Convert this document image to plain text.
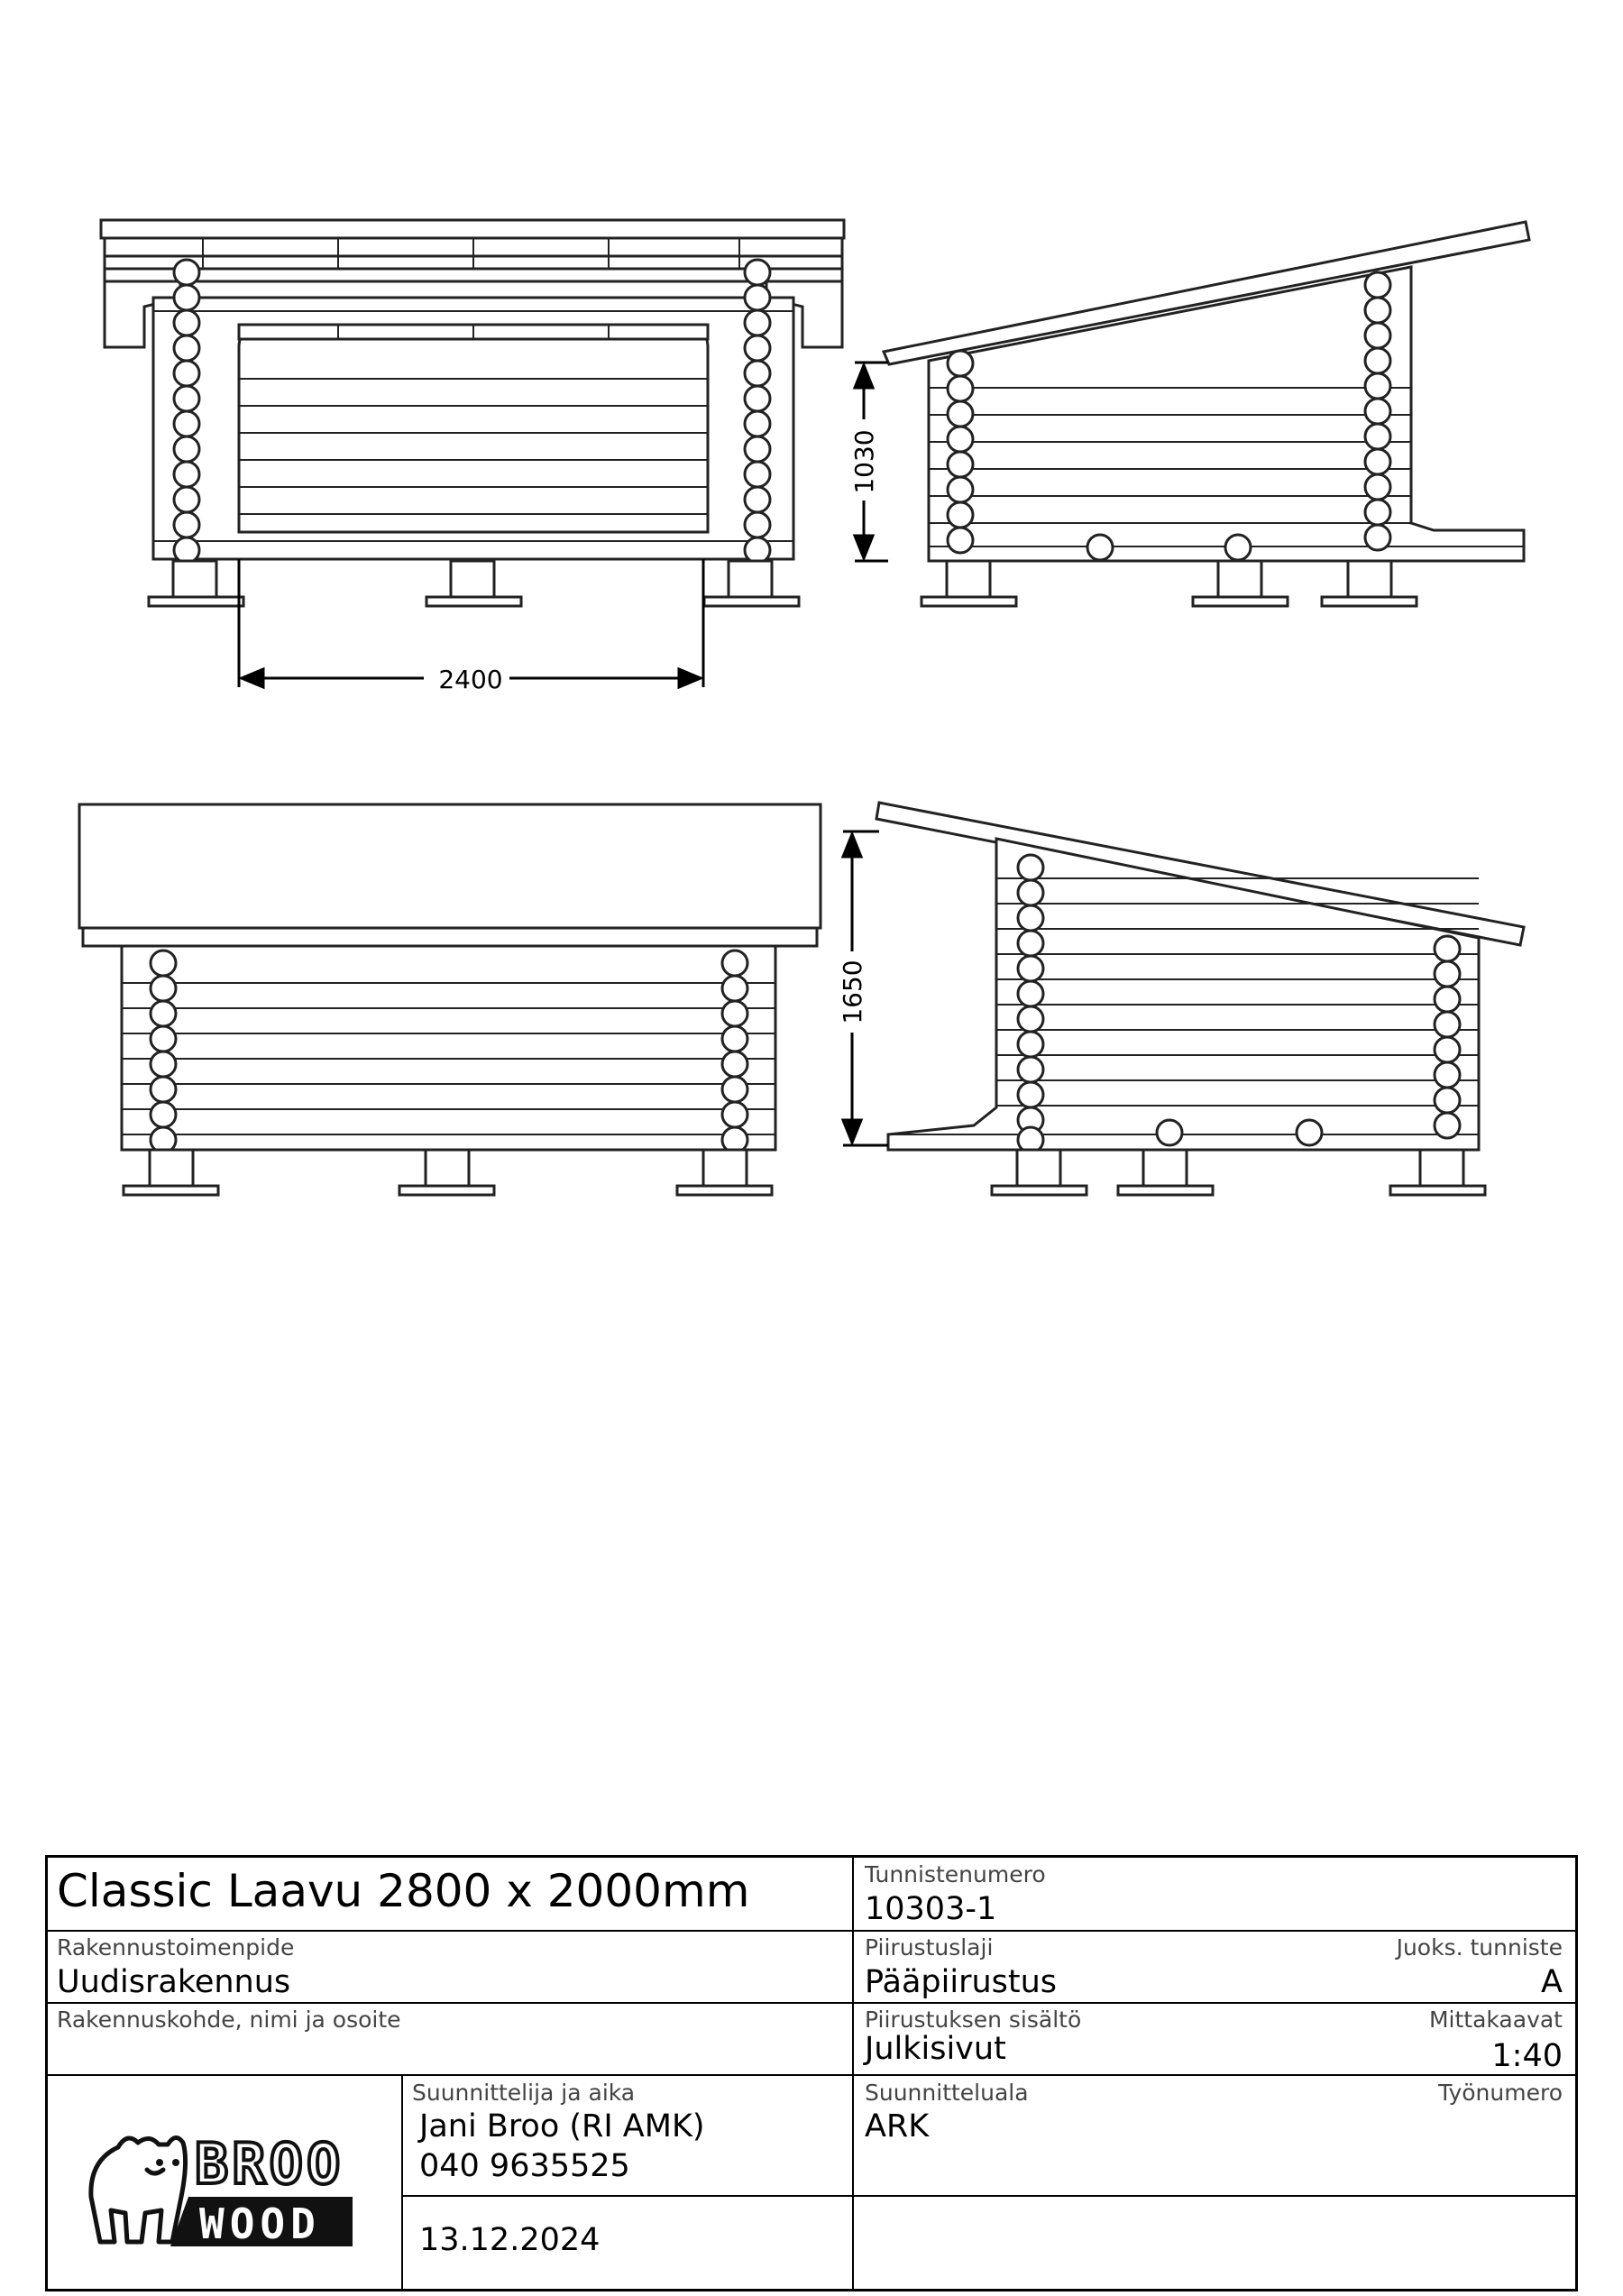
2400
1030
1650
Classic Laavu 2800 x 2000mm	Tunnistenumero
10303-1
Rakennustoimenpide
Uudisrakennus
Piirustuslaji
Pääpiirustus
Juoks. tunniste
A
Rakennuskohde, nimi ja osoite	Piirustuksen sisältö
Julkisivut
Mittakaavat
1:40
BROO
WOOD
Suunnittelija ja aika
Jani Broo (RI AMK)
040 9635525
13.12.2024
Suunnitteluala
ARK
Työnumero
